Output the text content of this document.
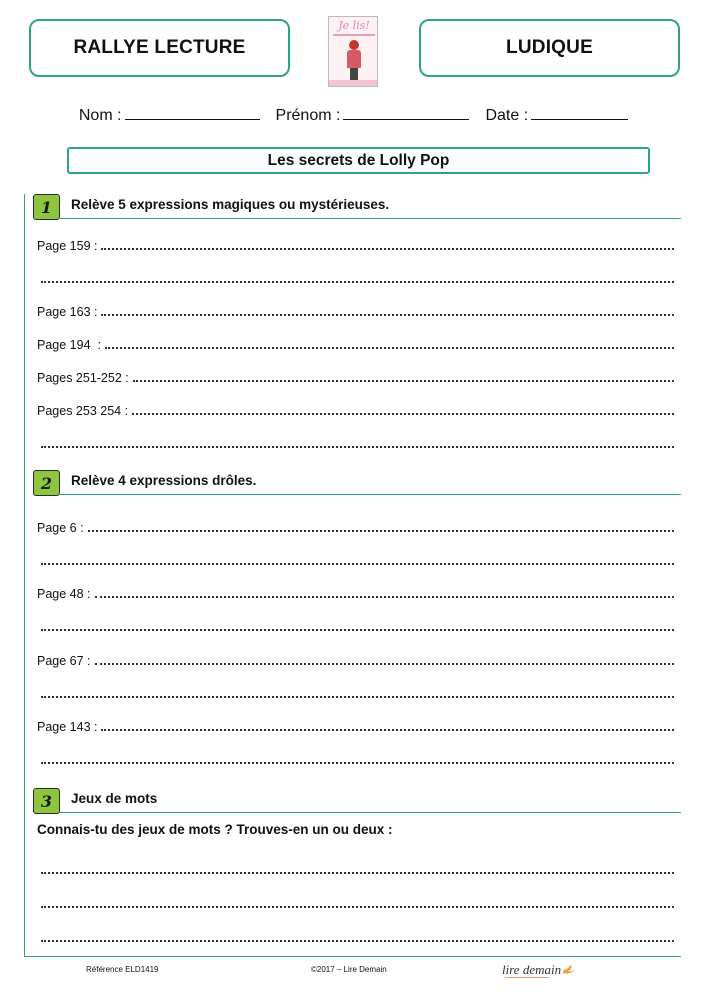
RALLYE LECTURE
Je lis!
LUDIQUE
Nom :	Prénom :	Date :
Les secrets de Lolly Pop
1	Relève 5 expressions magiques ou mystérieuses.
Page 159 :
Page 163 :
Page 194  :
Pages 251-252 :
Pages 253 254 :
2	Relève 4 expressions drôles.
Page 6 :
Page 48 :
Page 67 :
Page 143 :
3	Jeux de mots
Connais-tu des jeux de mots ? Trouves-en un ou deux :
Référence ELD1419	©2017 – Lire Demain	lire demain
